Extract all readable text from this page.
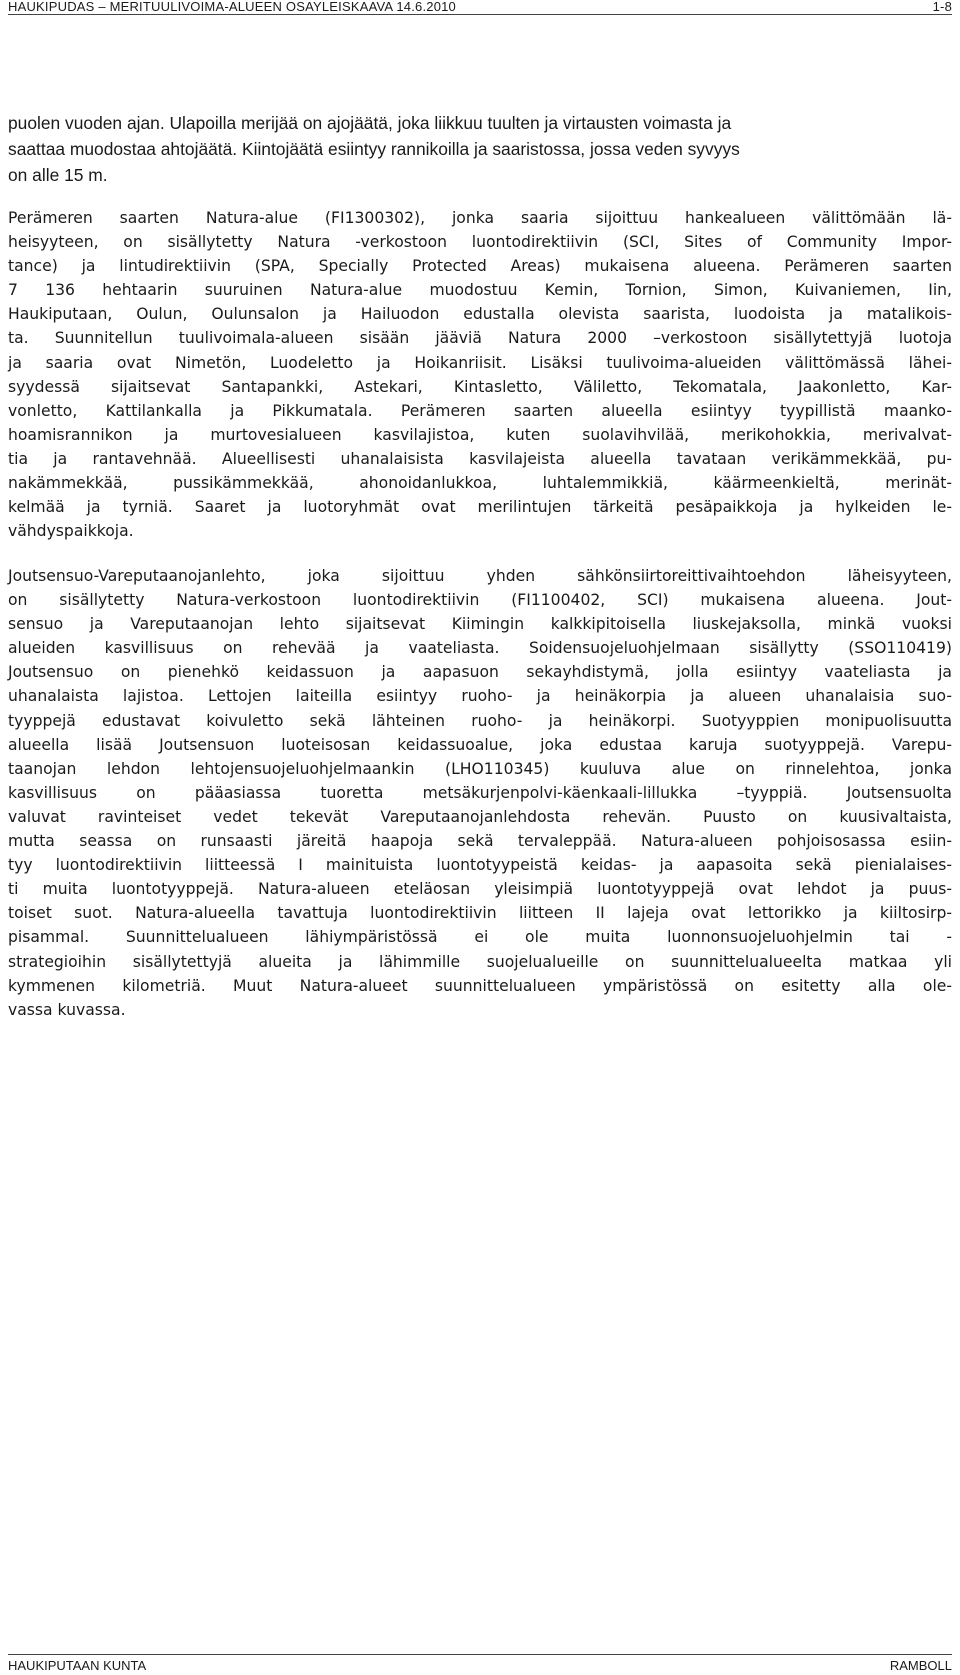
HAUKIPUDAS – MERITUULIVOIMA-ALUEEN OSAYLEISKAAVA 14.6.2010	1-8

puolen vuoden ajan. Ulapoilla merijää on ajojäätä, joka liikkuu tuulten ja virtausten voimasta ja
saattaa muodostaa ahtojäätä. Kiintojäätä esiintyy rannikoilla ja saaristossa, jossa veden syvyys
on alle 15 m.

Perämeren saarten Natura-alue (FI1300302), jonka saaria sijoittuu hankealueen välittömään lä-
heisyyteen, on sisällytetty Natura -verkostoon luontodirektiivin (SCI, Sites of Community Impor-
tance) ja lintudirektiivin (SPA, Specially Protected Areas) mukaisena alueena. Perämeren saarten
7 136 hehtaarin suuruinen Natura-alue muodostuu Kemin, Tornion, Simon, Kuivaniemen, Iin,
Haukiputaan, Oulun, Oulunsalon ja Hailuodon edustalla olevista saarista, luodoista ja matalikois-
ta. Suunnitellun tuulivoimala-alueen sisään jääviä Natura 2000 –verkostoon sisällytettyjä luotoja
ja saaria ovat Nimetön, Luodeletto ja Hoikanriisit. Lisäksi tuulivoima-alueiden välittömässä lähei-
syydessä sijaitsevat Santapankki, Astekari, Kintasletto, Väliletto, Tekomatala, Jaakonletto, Kar-
vonletto, Kattilankalla ja Pikkumatala. Perämeren saarten alueella esiintyy tyypillistä maanko-
hoamisrannikon ja murtovesialueen kasvilajistoa, kuten suolavihvilää, merikohokkia, merivalvat-
tia ja rantavehnää. Alueellisesti uhanalaisista kasvilajeista alueella tavataan verikämmekkää, pu-
nakämmekkää, pussikämmekkää, ahonoidanlukkoa, luhtalemmikkiä, käärmeenkieltä, merinät-
kelmää ja tyrniä. Saaret ja luotoryhmät ovat merilintujen tärkeitä pesäpaikkoja ja hylkeiden le-
vähdyspaikkoja.

Joutsensuo-Vareputaanojanlehto, joka sijoittuu yhden sähkönsiirtoreittivaihtoehdon läheisyyteen,
on sisällytetty Natura-verkostoon luontodirektiivin (FI1100402, SCI) mukaisena alueena. Jout-
sensuo ja Vareputaanojan lehto sijaitsevat Kiimingin kalkkipitoisella liuskejaksolla, minkä vuoksi
alueiden kasvillisuus on rehevää ja vaateliasta. Soidensuojeluohjelmaan sisällytty (SSO110419)
Joutsensuo on pienehkö keidassuon ja aapasuon sekayhdistymä, jolla esiintyy vaateliasta ja
uhanalaista lajistoa. Lettojen laiteilla esiintyy ruoho- ja heinäkorpia ja alueen uhanalaisia suo-
tyyppejä edustavat koivuletto sekä lähteinen ruoho- ja heinäkorpi. Suotyyppien monipuolisuutta
alueella lisää Joutsensuon luoteisosan keidassuoalue, joka edustaa karuja suotyyppejä. Varepu-
taanojan lehdon lehtojensuojeluohjelmaankin (LHO110345) kuuluva alue on rinnelehtoa, jonka
kasvillisuus on pääasiassa tuoretta metsäkurjenpolvi-käenkaali-lillukka –tyyppiä. Joutsensuolta
valuvat ravinteiset vedet tekevät Vareputaanojanlehdosta rehevän. Puusto on kuusivaltaista,
mutta seassa on runsaasti järeitä haapoja sekä tervaleppää. Natura-alueen pohjoisosassa esiin-
tyy luontodirektiivin liitteessä I mainituista luontotyypeistä keidas- ja aapasoita sekä pienialaises-
ti muita luontotyyppejä. Natura-alueen eteläosan yleisimpiä luontotyyppejä ovat lehdot ja puus-
toiset suot. Natura-alueella tavattuja luontodirektiivin liitteen II lajeja ovat lettorikko ja kiiltosirp-
pisammal. Suunnittelualueen lähiympäristössä ei ole muita luonnonsuojeluohjelmin tai -
strategioihin sisällytettyjä alueita ja lähimmille suojelualueille on suunnittelualueelta matkaa yli
kymmenen kilometriä. Muut Natura-alueet suunnittelualueen ympäristössä on esitetty alla ole-
vassa kuvassa.

HAUKIPUTAAN KUNTA	RAMBOLL
